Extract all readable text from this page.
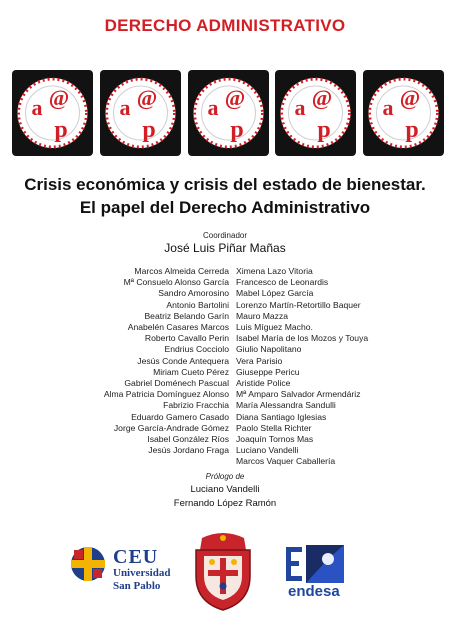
DERECHO ADMINISTRATIVO
a @
p
a @
p
a @
p
a @
p
a @
p
Crisis económica y crisis del estado de bienestar.
El papel del Derecho Administrativo
Coordinador
José Luis Piñar Mañas
Marcos Almeida Cerreda
Mª Consuelo Alonso García
Sandro Amorosino
Antonio Bartolini
Beatriz Belando Garín
Anabelén Casares Marcos
Roberto Cavallo Perin
Endrius Cocciolo
Jesús Conde Antequera
Miriam Cueto Pérez
Gabriel Doménech Pascual
Alma Patricia Domínguez Alonso
Fabrizio Fracchia
Eduardo Gamero Casado
Jorge García-Andrade Gómez
Isabel González Ríos
Jesús Jordano Fraga
Ximena Lazo Vitoria
Francesco de Leonardis
Mabel López García
Lorenzo Martín-Retortillo Baquer
Mauro Mazza
Luis Míguez Macho.
Isabel María de los Mozos y Touya
Giulio Napolitano
Vera Parisio
Giuseppe Pericu
Aristide Police
Mª Amparo Salvador Armendáriz
María Alessandra Sandulli
Diana Santiago Iglesias
Paolo Stella Richter
Joaquín Tornos Mas
Luciano Vandelli
Marcos Vaquer Caballería
Prólogo de
Luciano Vandelli
Fernando López Ramón
CEU
Universidad
San Pablo	endesa
